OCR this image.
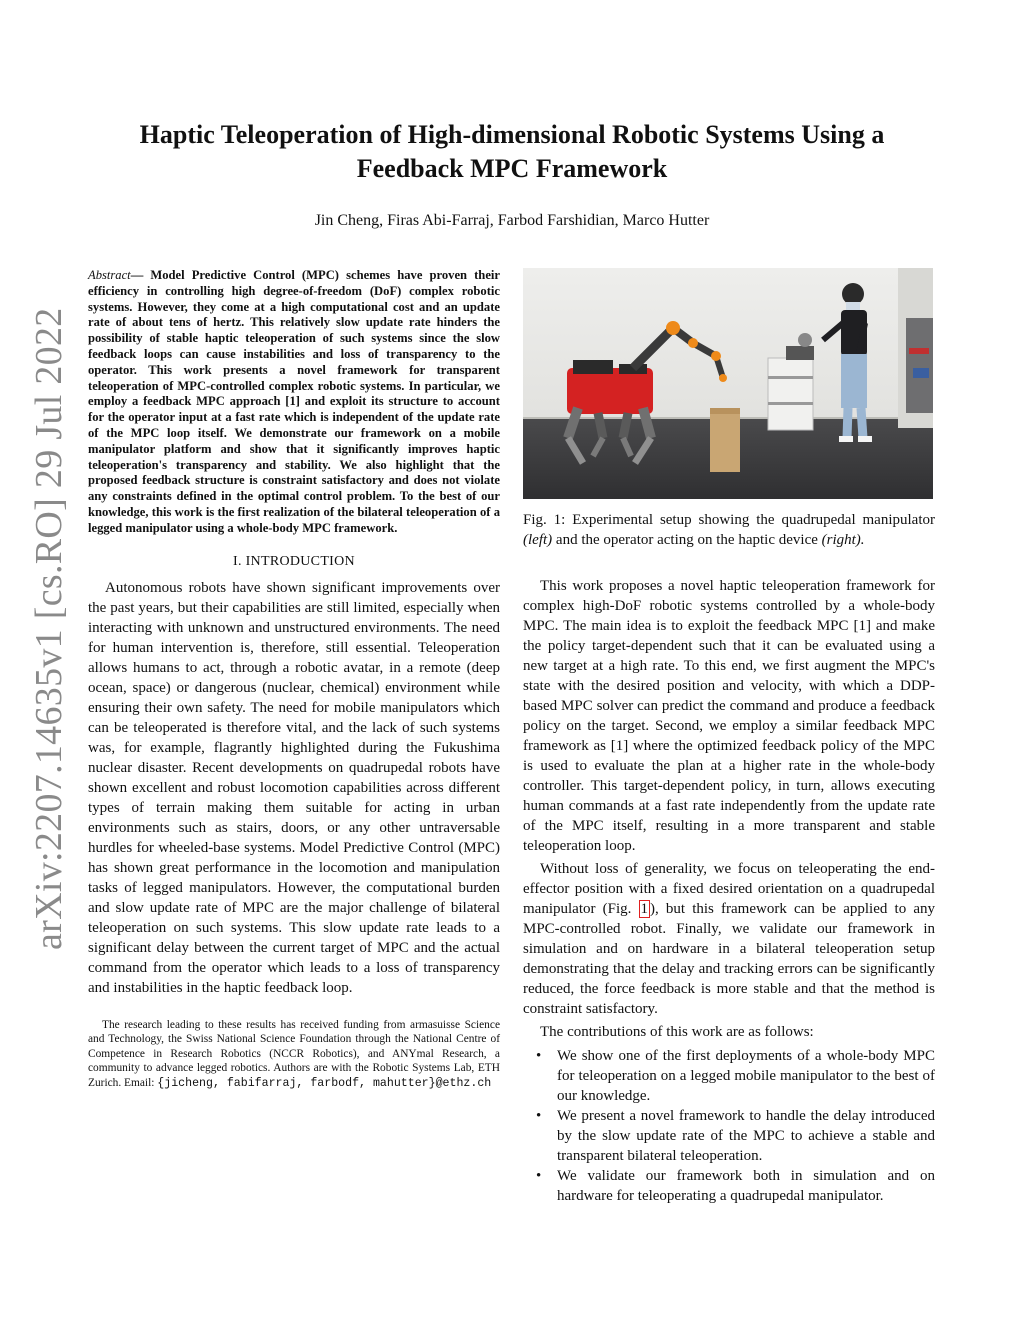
arXiv:2207.14635v1 [cs.RO] 29 Jul 2022
Haptic Teleoperation of High-dimensional Robotic Systems Using a
Feedback MPC Framework
Jin Cheng, Firas Abi-Farraj, Farbod Farshidian, Marco Hutter

Abstract— Model Predictive Control (MPC) schemes have proven their efficiency in controlling high degree-of-freedom (DoF) complex robotic systems. However, they come at a high computational cost and an update rate of about tens of hertz. This relatively slow update rate hinders the possibility of stable haptic teleoperation of such systems since the slow feedback loops can cause instabilities and loss of transparency to the operator. This work presents a novel framework for transparent teleoperation of MPC-controlled complex robotic systems. In particular, we employ a feedback MPC approach [1] and exploit its structure to account for the operator input at a fast rate which is independent of the update rate of the MPC loop itself. We demonstrate our framework on a mobile manipulator platform and show that it significantly improves haptic teleoperation's transparency and stability. We also highlight that the proposed feedback structure is constraint satisfactory and does not violate any constraints defined in the optimal control problem. To the best of our knowledge, this work is the first realization of the bilateral teleoperation of a legged manipulator using a whole-body MPC framework.

I. INTRODUCTION

Autonomous robots have shown significant improvements over the past years, but their capabilities are still limited, especially when interacting with unknown and unstructured environments. The need for human intervention is, therefore, still essential. Teleoperation allows humans to act, through a robotic avatar, in a remote (deep ocean, space) or dangerous (nuclear, chemical) environment while ensuring their own safety. The need for mobile manipulators which can be teleoperated is therefore vital, and the lack of such systems was, for example, flagrantly highlighted during the Fukushima nuclear disaster. Recent developments on quadrupedal robots have shown excellent and robust locomotion capabilities across different types of terrain making them suitable for acting in urban environments such as stairs, doors, or any other untraversable hurdles for wheeled-base systems. Model Predictive Control (MPC) has shown great performance in the locomotion and manipulation tasks of legged manipulators. However, the computational burden and slow update rate of MPC are the major challenge of bilateral teleoperation on such systems. This slow update rate leads to a significant delay between the current target of MPC and the actual command from the operator which leads to a loss of transparency and instabilities in the haptic feedback loop.

The research leading to these results has received funding from armasuisse Science and Technology, the Swiss National Science Foundation through the National Centre of Competence in Research Robotics (NCCR Robotics), and ANYmal Research, a community to advance legged robotics. Authors are with the Robotic Systems Lab, ETH Zurich. Email: {jicheng, fabifarraj, farbodf, mahutter}@ethz.ch

Fig. 1: Experimental setup showing the quadrupedal manipulator (left) and the operator acting on the haptic device (right).

This work proposes a novel haptic teleoperation framework for complex high-DoF robotic systems controlled by a whole-body MPC. The main idea is to exploit the feedback MPC [1] and make the policy target-dependent such that it can be evaluated using a new target at a high rate. To this end, we first augment the MPC's state with the desired position and velocity, with which a DDP-based MPC solver can predict the command and produce a feedback policy on the target. Second, we employ a similar feedback MPC framework as [1] where the optimized feedback policy of the MPC is used to evaluate the plan at a higher rate in the whole-body controller. This target-dependent policy, in turn, allows executing human commands at a fast rate independently from the update rate of the MPC itself, resulting in a more transparent and stable teleoperation loop.

Without loss of generality, we focus on teleoperating the end-effector position with a fixed desired orientation on a quadrupedal manipulator (Fig. 1 ), but this framework can be applied to any MPC-controlled robot. Finally, we validate our framework in simulation and on hardware in a bilateral teleoperation setup demonstrating that the delay and tracking errors can be significantly reduced, the force feedback is more stable and that the method is constraint satisfactory.

The contributions of this work are as follows:

• We show one of the first deployments of a whole-body MPC for teleoperation on a legged mobile manipulator to the best of our knowledge.
• We present a novel framework to handle the delay introduced by the slow update rate of the MPC to achieve a stable and transparent bilateral teleoperation.
• We validate our framework both in simulation and on hardware for teleoperating a quadrupedal manipulator.
